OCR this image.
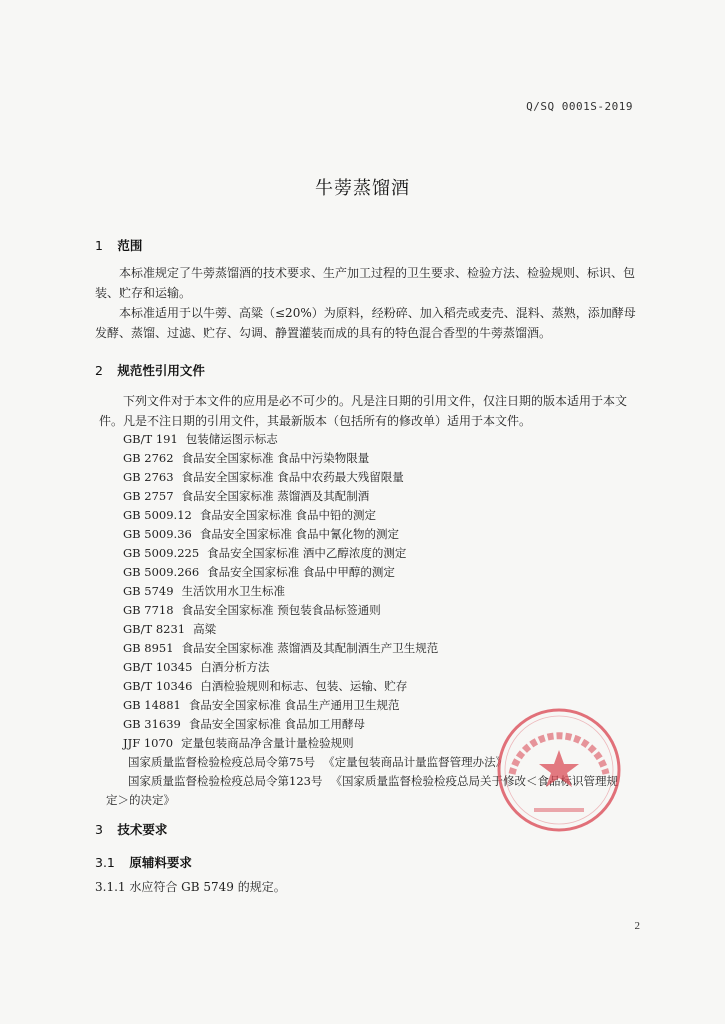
Q/SQ 0001S-2019
牛蒡蒸馏酒
1 范围
本标准规定了牛蒡蒸馏酒的技术要求、生产加工过程的卫生要求、检验方法、检验规则、标识、包装、贮存和运输。
本标准适用于以牛蒡、高粱（≤20%）为原料，经粉碎、加入稻壳或麦壳、混料、蒸熟，添加酵母发酵、蒸馏、过滤、贮存、勾调、静置灌装而成的具有的特色混合香型的牛蒡蒸馏酒。
2 规范性引用文件
下列文件对于本文件的应用是必不可少的。凡是注日期的引用文件，仅注日期的版本适用于本文件。凡是不注日期的引用文件，其最新版本（包括所有的修改单）适用于本文件。
GB/T 191 包装储运图示标志
GB 2762 食品安全国家标准 食品中污染物限量
GB 2763 食品安全国家标准 食品中农药最大残留限量
GB 2757 食品安全国家标准 蒸馏酒及其配制酒
GB 5009.12 食品安全国家标准 食品中铅的测定
GB 5009.36 食品安全国家标准 食品中氰化物的测定
GB 5009.225 食品安全国家标准 酒中乙醇浓度的测定
GB 5009.266 食品安全国家标准 食品中甲醇的测定
GB 5749 生活饮用水卫生标准
GB 7718 食品安全国家标准 预包装食品标签通则
GB/T 8231 高粱
GB 8951 食品安全国家标准 蒸馏酒及其配制酒生产卫生规范
GB/T 10345 白酒分析方法
GB/T 10346 白酒检验规则和标志、包装、运输、贮存
GB 14881 食品安全国家标准 食品生产通用卫生规范
GB 31639 食品安全国家标准 食品加工用酵母
JJF 1070 定量包装商品净含量计量检验规则
国家质量监督检验检疫总局令第75号 《定量包装商品计量监督管理办法》
国家质量监督检验检疫总局令第123号 《国家质量监督检验检疫总局关于修改＜食品标识管理规
定＞的决定》
3 技术要求
3.1 原辅料要求
3.1.1 水应符合 GB 5749 的规定。
2
